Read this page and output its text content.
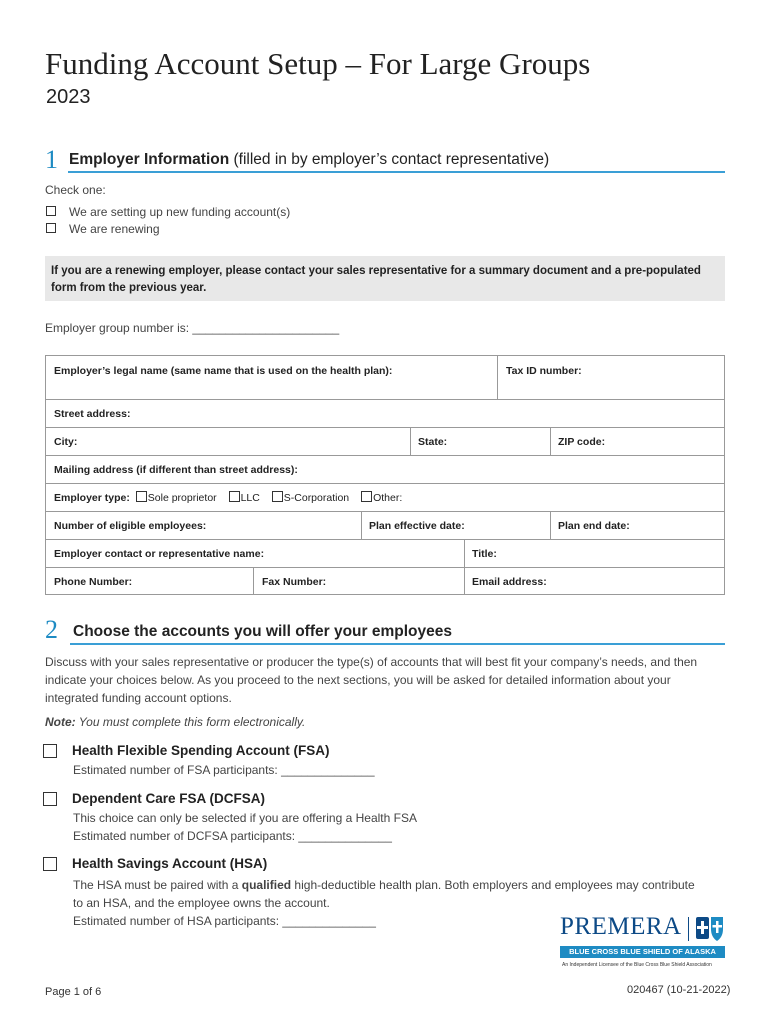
Funding Account Setup – For Large Groups
2023
1 Employer Information (filled in by employer’s contact representative)
Check one:
We are setting up new funding account(s)
We are renewing
If you are a renewing employer, please contact your sales representative for a summary document and a pre-populated form from the previous year.
Employer group number is: ______________________
Employer’s legal name (same name that is used on the health plan):	Tax ID number:
Street address:
City:	State:	ZIP code:
Mailing address (if different than street address):
Employer type: Sole proprietor LLC S-Corporation Other:
Number of eligible employees:	Plan effective date:	Plan end date:
Employer contact or representative name:	Title:
Phone Number:	Fax Number:	Email address:
2 Choose the accounts you will offer your employees
Discuss with your sales representative or producer the type(s) of accounts that will best fit your company’s needs, and then
indicate your choices below. As you proceed to the next sections, you will be asked for detailed information about your
integrated funding account options.
Note: You must complete this form electronically.
Health Flexible Spending Account (FSA)
Estimated number of FSA participants: ______________
Dependent Care FSA (DCFSA)
This choice can only be selected if you are offering a Health FSA
Estimated number of DCFSA participants: ______________
Health Savings Account (HSA)
The HSA must be paired with a qualified high-deductible health plan. Both employers and employees may contribute
to an HSA, and the employee owns the account.
Estimated number of HSA participants: ______________	PREMERA
BLUE CROSS BLUE SHIELD OF ALASKA
An Independent Licensee of the Blue Cross Blue Shield Association
Page 1 of 6	020467 (10-21-2022)
